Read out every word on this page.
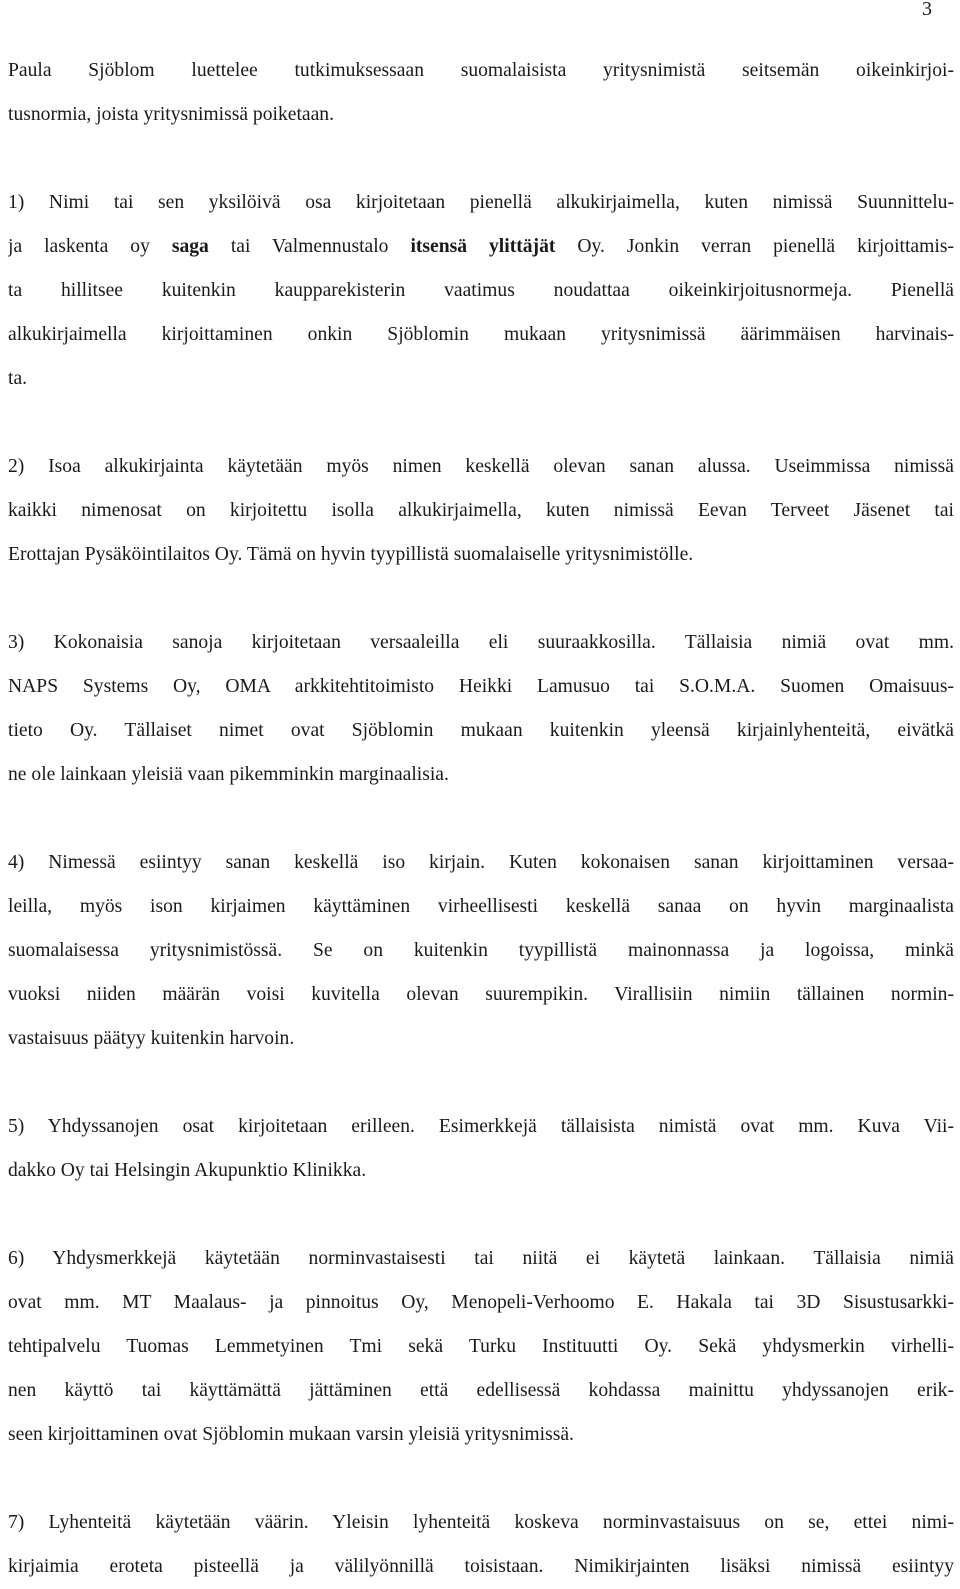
3
Paula Sjöblom luettelee tutkimuksessaan suomalaisista yritysnimistä seitsemän oikeinkirjoi-
tusnormia, joista yritysnimissä poiketaan.
1) Nimi tai sen yksilöivä osa kirjoitetaan pienellä alkukirjaimella, kuten nimissä Suunnittelu-
ja laskenta oy saga tai Valmennustalo itsensä ylittäjät Oy. Jonkin verran pienellä kirjoittamis-
ta hillitsee kuitenkin kaupparekisterin vaatimus noudattaa oikeinkirjoitusnormeja. Pienellä
alkukirjaimella kirjoittaminen onkin Sjöblomin mukaan yritysnimissä äärimmäisen harvinais-
ta.
2) Isoa alkukirjainta käytetään myös nimen keskellä olevan sanan alussa. Useimmissa nimissä
kaikki nimenosat on kirjoitettu isolla alkukirjaimella, kuten nimissä Eevan Terveet Jäsenet tai
Erottajan Pysäköintilaitos Oy. Tämä on hyvin tyypillistä suomalaiselle yritysnimistölle.
3) Kokonaisia sanoja kirjoitetaan versaaleilla eli suuraakkosilla. Tällaisia nimiä ovat mm.
NAPS Systems Oy, OMA arkkitehtitoimisto Heikki Lamusuo tai S.O.M.A. Suomen Omaisuus-
tieto Oy. Tällaiset nimet ovat Sjöblomin mukaan kuitenkin yleensä kirjainlyhenteitä, eivätkä
ne ole lainkaan yleisiä vaan pikemminkin marginaalisia.
4) Nimessä esiintyy sanan keskellä iso kirjain. Kuten kokonaisen sanan kirjoittaminen versaa-
leilla, myös ison kirjaimen käyttäminen virheellisesti keskellä sanaa on hyvin marginaalista
suomalaisessa yritysnimistössä. Se on kuitenkin tyypillistä mainonnassa ja logoissa, minkä
vuoksi niiden määrän voisi kuvitella olevan suurempikin. Virallisiin nimiin tällainen normin-
vastaisuus päätyy kuitenkin harvoin.
5) Yhdyssanojen osat kirjoitetaan erilleen. Esimerkkejä tällaisista nimistä ovat mm. Kuva Vii-
dakko Oy tai Helsingin Akupunktio Klinikka.
6) Yhdysmerkkejä käytetään norminvastaisesti tai niitä ei käytetä lainkaan. Tällaisia nimiä
ovat mm. MT Maalaus- ja pinnoitus Oy, Menopeli-Verhoomo E. Hakala tai 3D Sisustusarkki-
tehtipalvelu Tuomas Lemmetyinen Tmi sekä Turku Instituutti Oy. Sekä yhdysmerkin virhelli-
nen käyttö tai käyttämättä jättäminen että edellisessä kohdassa mainittu yhdyssanojen erik-
seen kirjoittaminen ovat Sjöblomin mukaan varsin yleisiä yritysnimissä.
7) Lyhenteitä käytetään väärin. Yleisin lyhenteitä koskeva norminvastaisuus on se, ettei nimi-
kirjaimia eroteta pisteellä ja välilyönnillä toisistaan. Nimikirjainten lisäksi nimissä esiintyy
